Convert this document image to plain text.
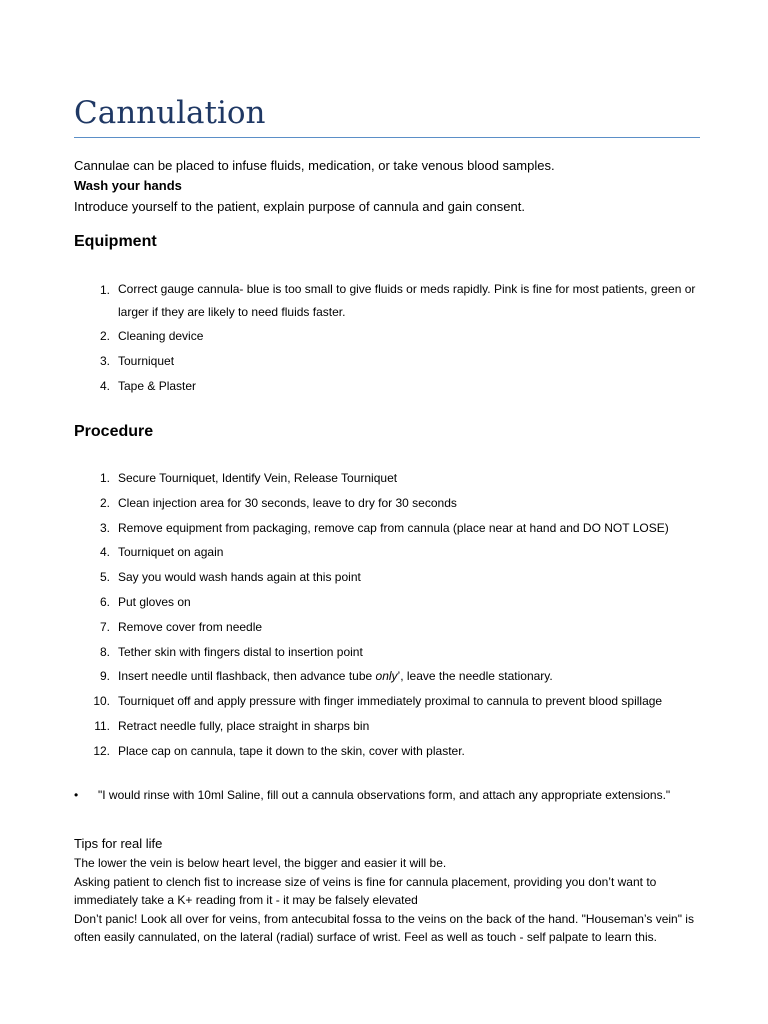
Cannulation
Cannulae can be placed to infuse fluids, medication, or take venous blood samples.
Wash your hands
Introduce yourself to the patient, explain purpose of cannula and gain consent.
Equipment
1. Correct gauge cannula- blue is too small to give fluids or meds rapidly. Pink is fine for most patients, green or
larger if they are likely to need fluids faster.
2. Cleaning device
3. Tourniquet
4. Tape & Plaster
Procedure
1. Secure Tourniquet, Identify Vein, Release Tourniquet
2. Clean injection area for 30 seconds, leave to dry for 30 seconds
3. Remove equipment from packaging, remove cap from cannula (place near at hand and DO NOT LOSE)
4. Tourniquet on again
5. Say you would wash hands again at this point
6. Put gloves on
7. Remove cover from needle
8. Tether skin with fingers distal to insertion point
9. Insert needle until flashback, then advance tube only’, leave the needle stationary.
10. Tourniquet off and apply pressure with finger immediately proximal to cannula to prevent blood spillage
11. Retract needle fully, place straight in sharps bin
12. Place cap on cannula, tape it down to the skin, cover with plaster.
• "I would rinse with 10ml Saline, fill out a cannula observations form, and attach any appropriate extensions."
Tips for real life
The lower the vein is below heart level, the bigger and easier it will be.
Asking patient to clench fist to increase size of veins is fine for cannula placement, providing you don’t want to immediately take a K+ reading from it - it may be falsely elevated
Don’t panic! Look all over for veins, from antecubital fossa to the veins on the back of the hand. "Houseman’s vein" is often easily cannulated, on the lateral (radial) surface of wrist. Feel as well as touch - self palpate to learn this.
